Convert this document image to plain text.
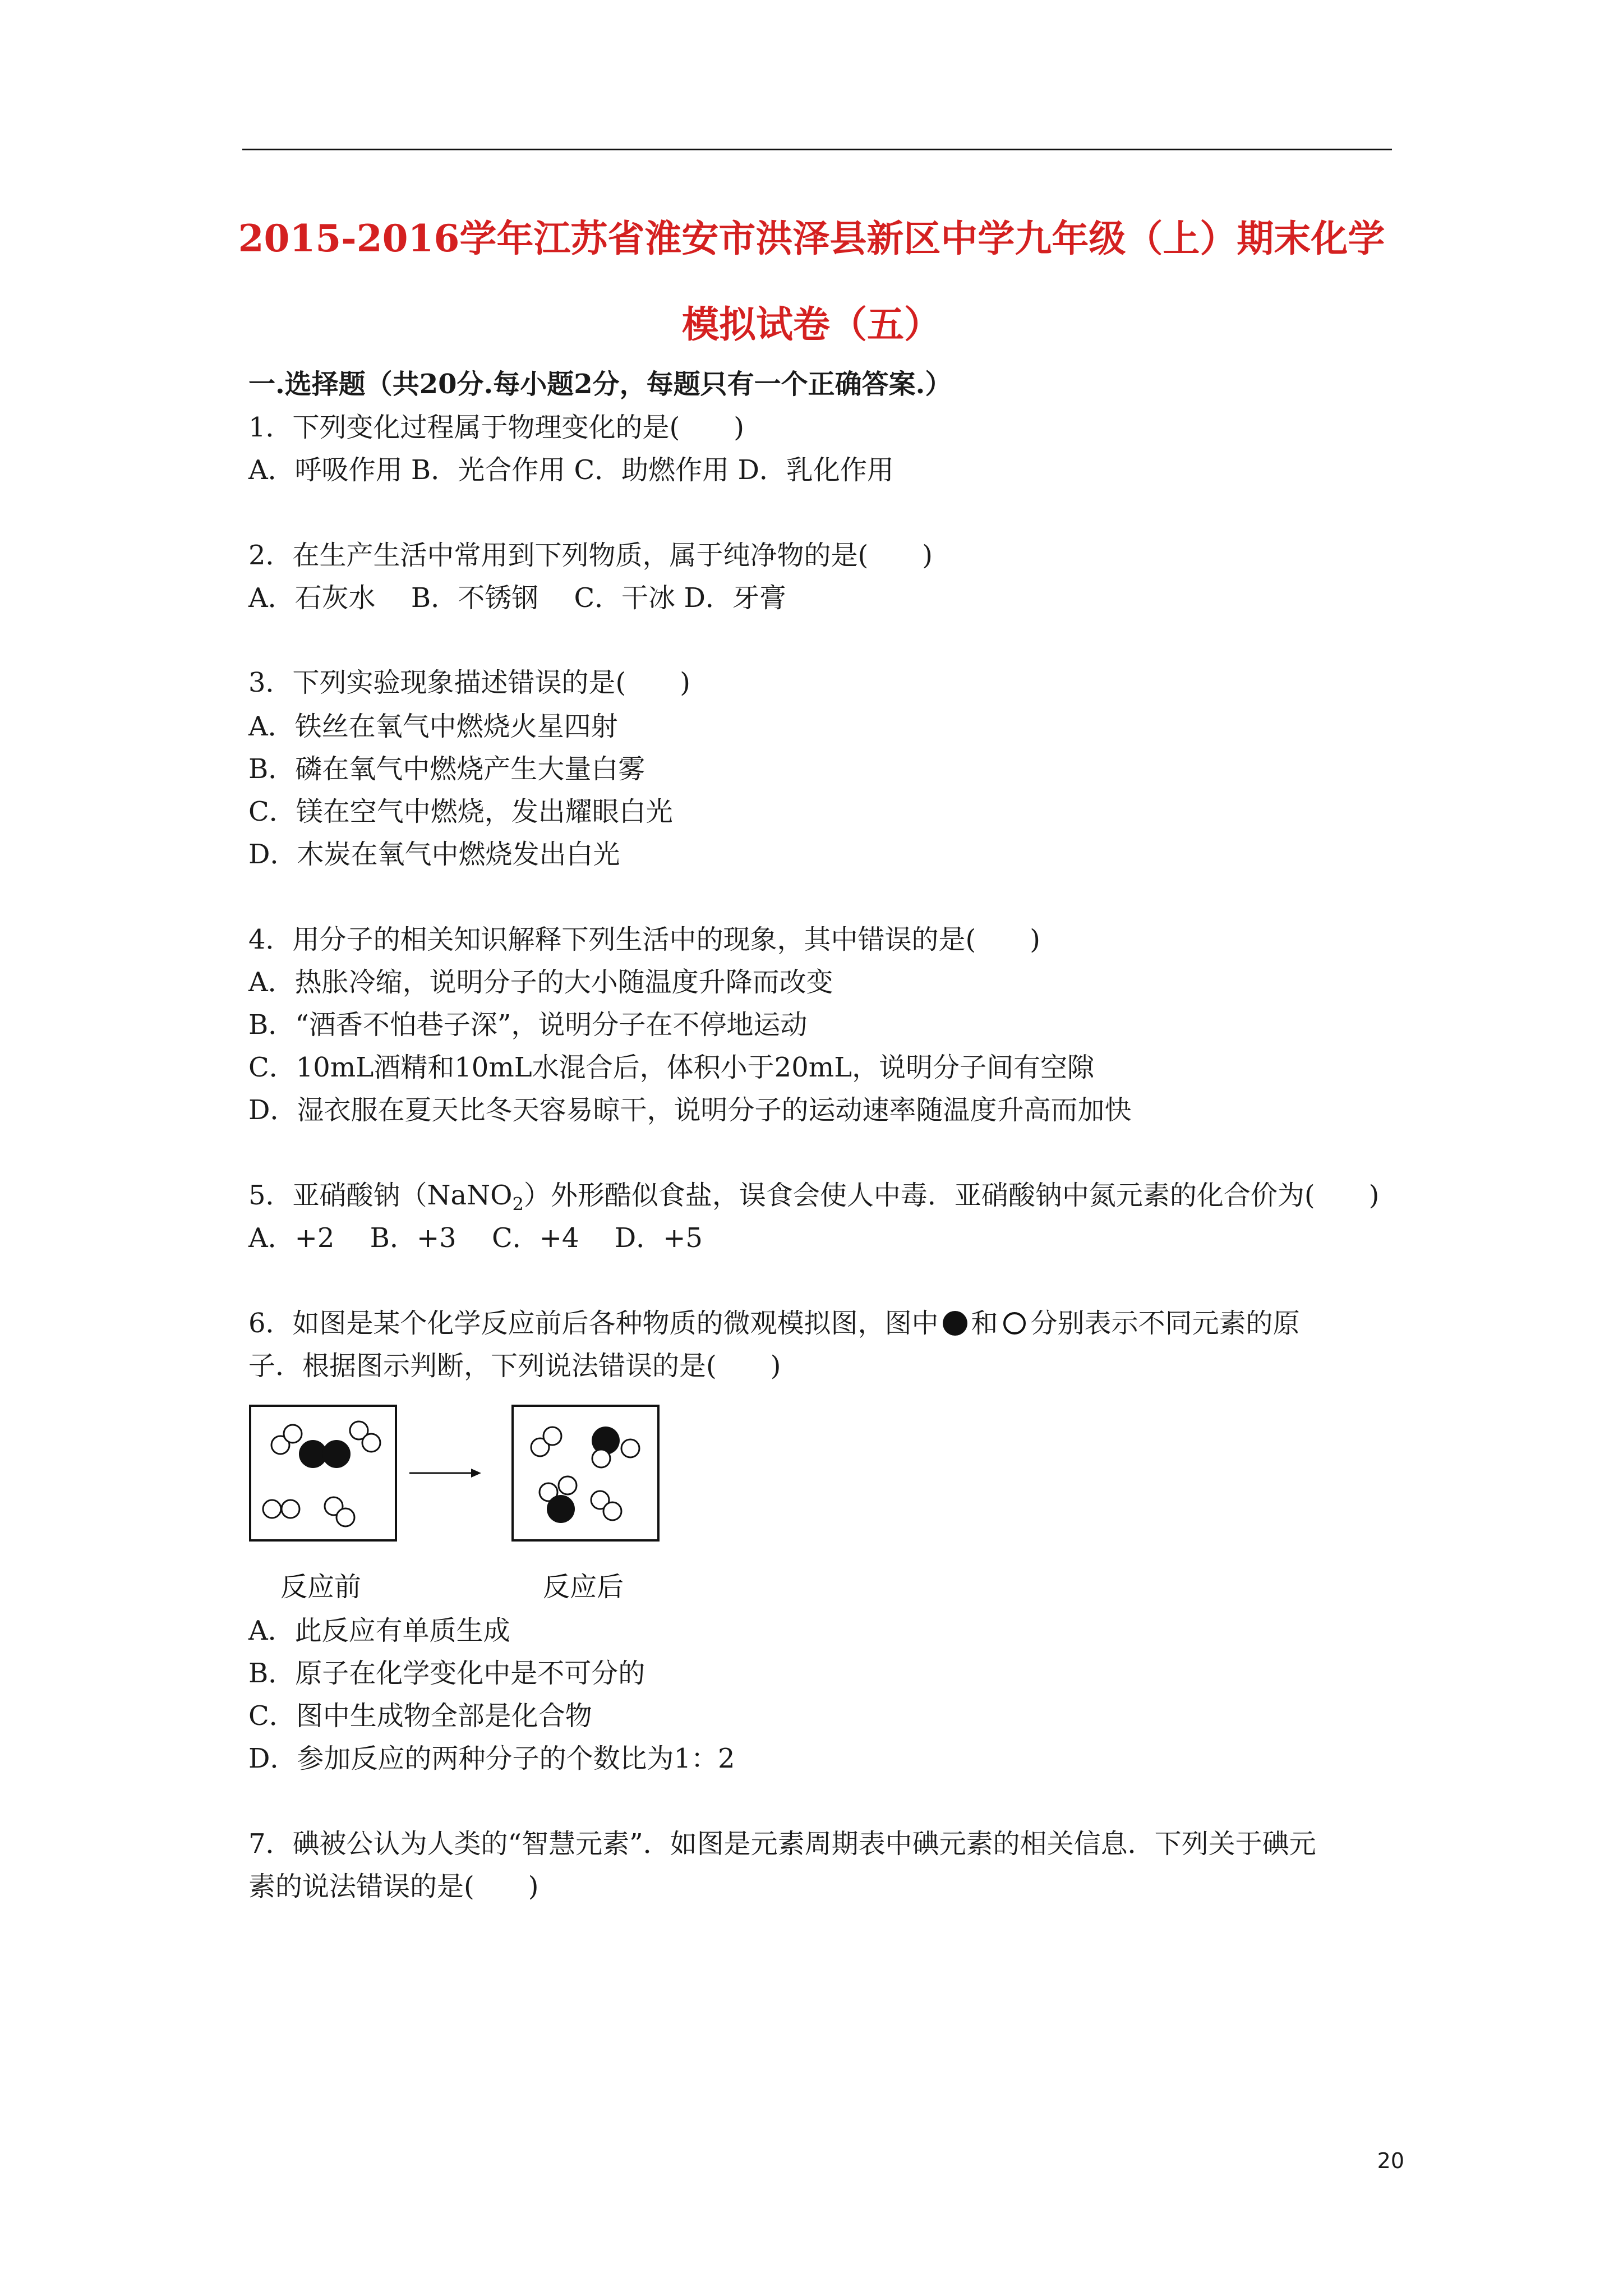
2015-2016学年江苏省淮安市洪泽县新区中学九年级（上）期末化学
模拟试卷（五）
一.选择题（共20分.每小题2分，每题只有一个正确答案.）
1．下列变化过程属于物理变化的是(　　)
A．呼吸作用 B．光合作用 C．助燃作用 D．乳化作用
2．在生产生活中常用到下列物质，属于纯净物的是(　　)
A．石灰水　 B．不锈钢　 C．干冰 D．牙膏
3．下列实验现象描述错误的是(　　)
A．铁丝在氧气中燃烧火星四射
B．磷在氧气中燃烧产生大量白雾
C．镁在空气中燃烧，发出耀眼白光
D．木炭在氧气中燃烧发出白光
4．用分子的相关知识解释下列生活中的现象，其中错误的是(　　)
A．热胀冷缩，说明分子的大小随温度升降而改变
B．“酒香不怕巷子深”，说明分子在不停地运动
C．10mL酒精和10mL水混合后，体积小于20mL，说明分子间有空隙
D．湿衣服在夏天比冬天容易晾干，说明分子的运动速率随温度升高而加快
5．亚硝酸钠（NaNO$_2$）外形酷似食盐，误食会使人中毒．亚硝酸钠中氮元素的化合价为(　　)
A．+2　 B．+3　 C．+4　 D．+5
6．如图是某个化学反应前后各种物质的微观模拟图，图中 和 分别表示不同元素的原
子．根据图示判断，下列说法错误的是(　　)
反应前	反应后
A．此反应有单质生成
B．原子在化学变化中是不可分的
C．图中生成物全部是化合物
D．参加反应的两种分子的个数比为1：2
7．碘被公认为人类的“智慧元素”．如图是元素周期表中碘元素的相关信息．下列关于碘元
素的说法错误的是(　　)
20
